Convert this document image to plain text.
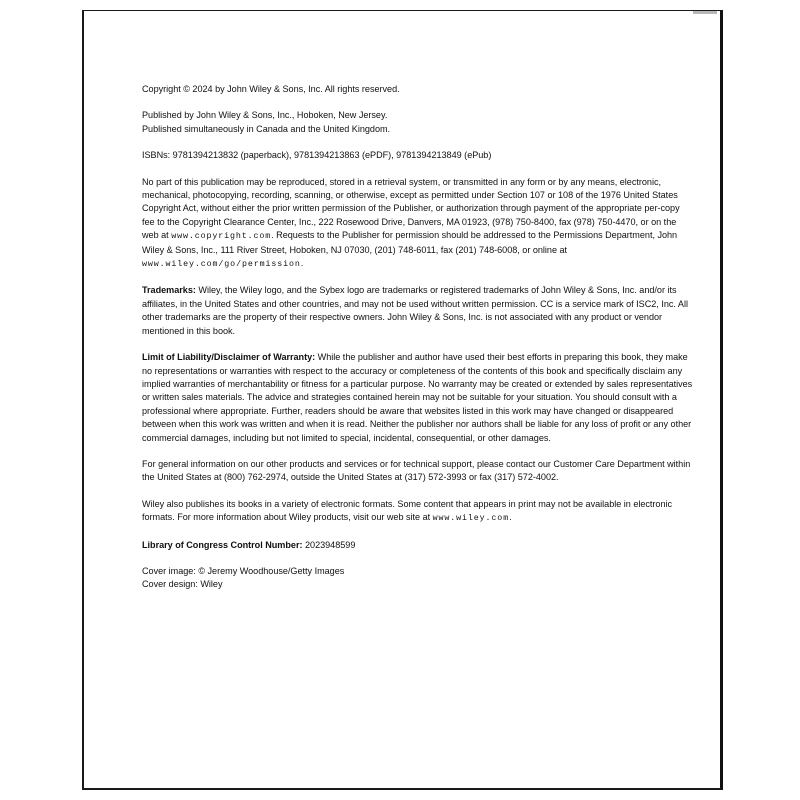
Copyright © 2024 by John Wiley & Sons, Inc. All rights reserved.

Published by John Wiley & Sons, Inc., Hoboken, New Jersey.
Published simultaneously in Canada and the United Kingdom.

ISBNs: 9781394213832 (paperback), 9781394213863 (ePDF), 9781394213849 (ePub)

No part of this publication may be reproduced, stored in a retrieval system, or transmitted in any form or by any means, electronic, mechanical, photocopying, recording, scanning, or otherwise, except as permitted under Section 107 or 108 of the 1976 United States Copyright Act, without either the prior written permission of the Publisher, or authorization through payment of the appropriate per-copy fee to the Copyright Clearance Center, Inc., 222 Rosewood Drive, Danvers, MA 01923, (978) 750-8400, fax (978) 750-4470, or on the web at www.copyright.com. Requests to the Publisher for permission should be addressed to the Permissions Department, John Wiley & Sons, Inc., 111 River Street, Hoboken, NJ 07030, (201) 748-6011, fax (201) 748-6008, or online at www.wiley.com/go/permission.

Trademarks: Wiley, the Wiley logo, and the Sybex logo are trademarks or registered trademarks of John Wiley & Sons, Inc. and/or its affiliates, in the United States and other countries, and may not be used without written permission. CC is a service mark of ISC2, Inc. All other trademarks are the property of their respective owners. John Wiley & Sons, Inc. is not associated with any product or vendor mentioned in this book.

Limit of Liability/Disclaimer of Warranty: While the publisher and author have used their best efforts in preparing this book, they make no representations or warranties with respect to the accuracy or completeness of the contents of this book and specifically disclaim any implied warranties of merchantability or fitness for a particular purpose. No warranty may be created or extended by sales representatives or written sales materials. The advice and strategies contained herein may not be suitable for your situation. You should consult with a professional where appropriate. Further, readers should be aware that websites listed in this work may have changed or disappeared between when this work was written and when it is read. Neither the publisher nor authors shall be liable for any loss of profit or any other commercial damages, including but not limited to special, incidental, consequential, or other damages.

For general information on our other products and services or for technical support, please contact our Customer Care Department within the United States at (800) 762-2974, outside the United States at (317) 572-3993 or fax (317) 572-4002.

Wiley also publishes its books in a variety of electronic formats. Some content that appears in print may not be available in electronic formats. For more information about Wiley products, visit our web site at www.wiley.com.

Library of Congress Control Number: 2023948599

Cover image: © Jeremy Woodhouse/Getty Images
Cover design: Wiley
